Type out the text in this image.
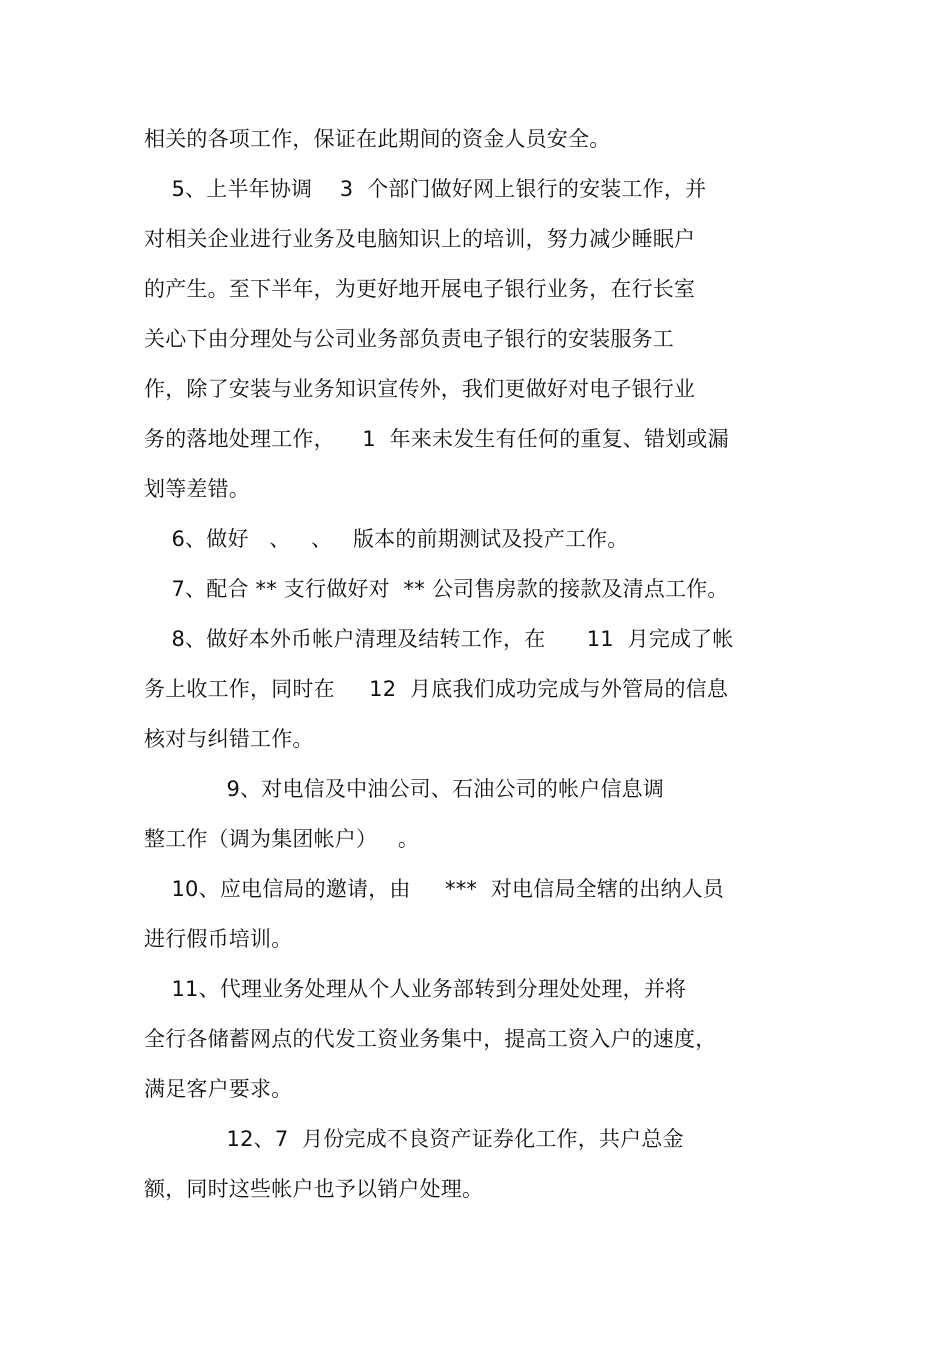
相关的各项工作，保证在此期间的资金人员安全。
5、上半年协调    3  个部门做好网上银行的安装工作，并
对相关企业进行业务及电脑知识上的培训，努力减少睡眠户
的产生。至下半年，为更好地开展电子银行业务，在行长室
关心下由分理处与公司业务部负责电子银行的安装服务工
作，除了安装与业务知识宣传外，我们更做好对电子银行业
务的落地处理工作，    1  年来未发生有任何的重复、错划或漏
划等差错。
6、做好   、   、   版本的前期测试及投产工作。
7、配合 ** 支行做好对  ** 公司售房款的接款及清点工作。
8、做好本外币帐户清理及结转工作，在      11  月完成了帐
务上收工作，同时在     12  月底我们成功完成与外管局的信息
核对与纠错工作。
9、对电信及中油公司、石油公司的帐户信息调
整工作（调为集团帐户）   。
10、应电信局的邀请，由     ***  对电信局全辖的出纳人员
进行假币培训。
11、代理业务处理从个人业务部转到分理处处理，并将
全行各储蓄网点的代发工资业务集中，提高工资入户的速度，
满足客户要求。
12、7  月份完成不良资产证券化工作，共户总金
额，同时这些帐户也予以销户处理。
